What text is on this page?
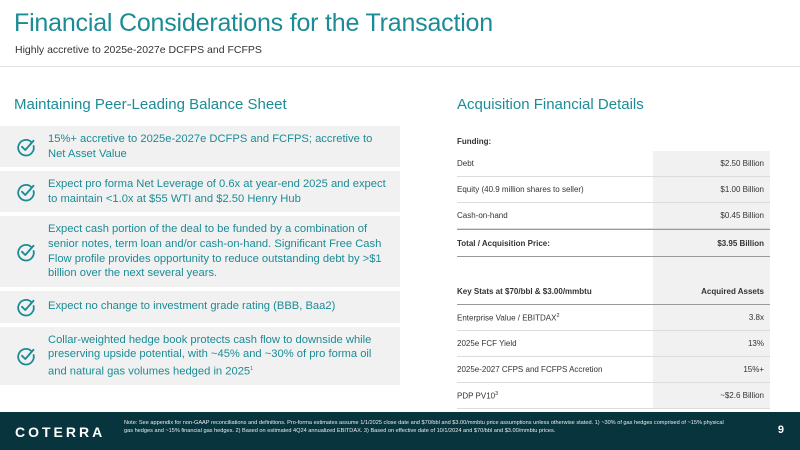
Financial Considerations for the Transaction
Highly accretive to 2025e-2027e DCFPS and FCFPS
Maintaining Peer-Leading Balance Sheet
15%+ accretive to 2025e-2027e DCFPS and FCFPS; accretive to Net Asset Value
Expect pro forma Net Leverage of 0.6x at year-end 2025 and expect to maintain <1.0x at $55 WTI and $2.50 Henry Hub
Expect cash portion of the deal to be funded by a combination of senior notes, term loan and/or cash-on-hand. Significant Free Cash Flow profile provides opportunity to reduce outstanding debt by >$1 billion over the next several years.
Expect no change to investment grade rating (BBB, Baa2)
Collar-weighted hedge book protects cash flow to downside while preserving upside potential, with ~45% and ~30% of pro forma oil and natural gas volumes hedged in 2025$^1$
Acquisition Financial Details
Funding:
Debt	$2.50 Billion
Equity (40.9 million shares to seller)	$1.00 Billion
Cash-on-hand	$0.45 Billion
Total / Acquisition Price:	$3.95 Billion
Key Stats at $70/bbl & $3.00/mmbtu	Acquired Assets
Enterprise Value / EBITDAX$^2$	3.8x
2025e FCF Yield	13%
2025e-2027 CFPS and FCFPS Accretion	15%+
PDP $PV10^3$	~$2.6 Billion
COTERRA
Note: See appendix for non-GAAP reconciliations and definitions. Pro-forma estimates assume 1/1/2025 close date and $70/bbl and $3.00/mmbtu price assumptions unless otherwise stated. 1) ~30% of gas hedges comprised of ~15% physical gas hedges and ~15% financial gas hedges. 2) Based on estimated 4Q24 annualized EBITDAX. 3) Based on effective date of 10/1/2024 and $70/bbl and $3.00/mmbtu prices.	9
